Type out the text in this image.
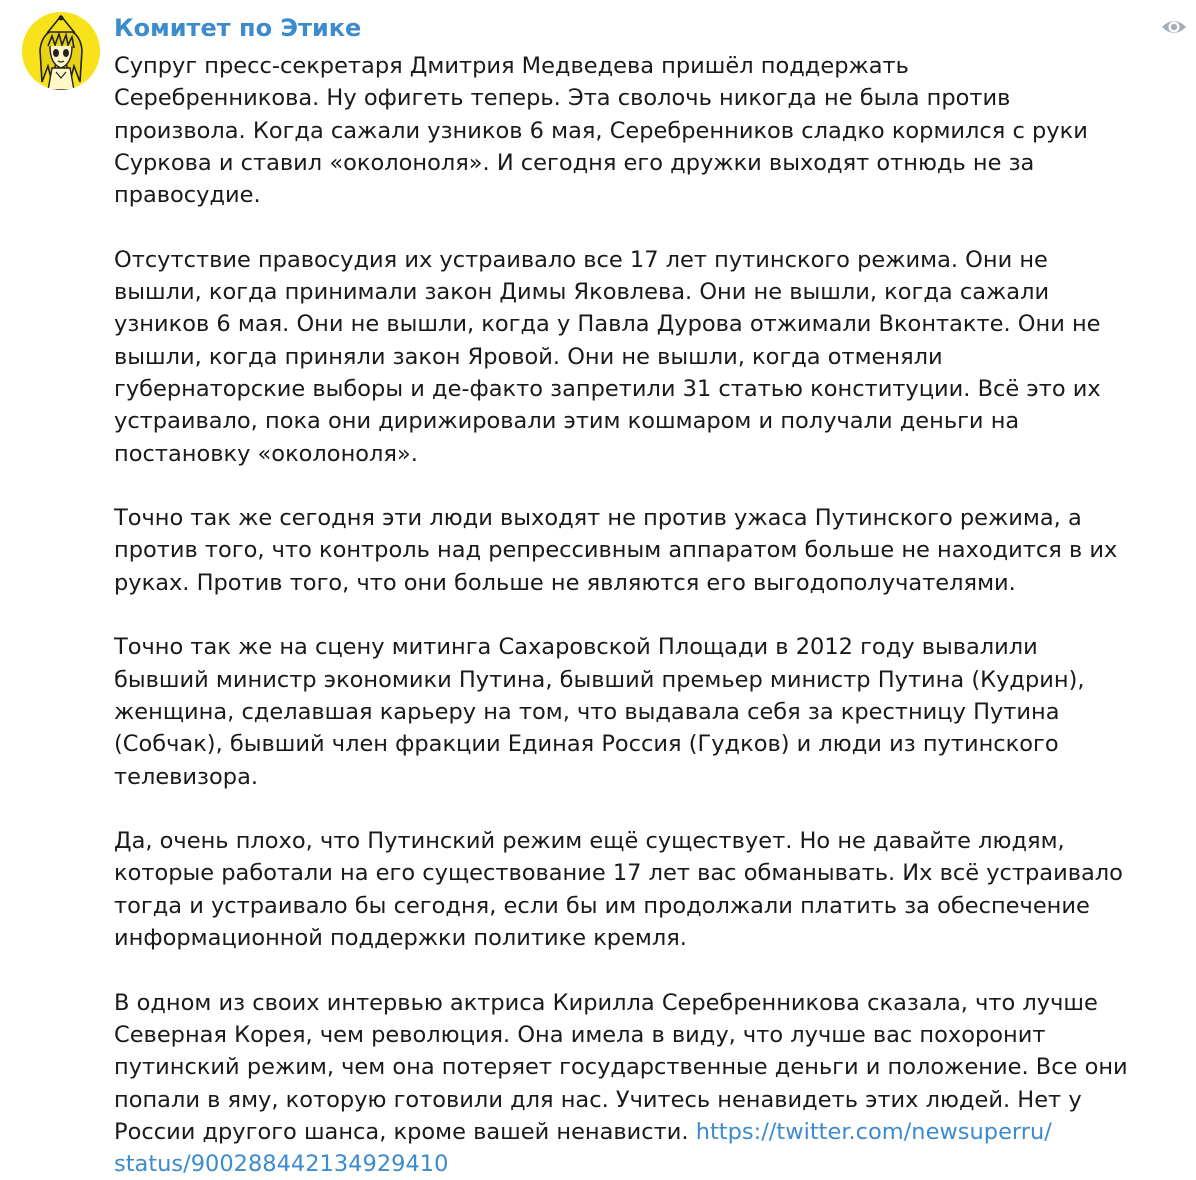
Комитет по Этике
Супруг пресс-секретаря Дмитрия Медведева пришёл поддержать
Серебренникова. Ну офигеть теперь. Эта сволочь никогда не была против
произвола. Когда сажали узников 6 мая, Серебренников сладко кормился с руки
Суркова и ставил «околоноля». И сегодня его дружки выходят отнюдь не за
правосудие.
Отсутствие правосудия их устраивало все 17 лет путинского режима. Они не
вышли, когда принимали закон Димы Яковлева. Они не вышли, когда сажали
узников 6 мая. Они не вышли, когда у Павла Дурова отжимали Вконтакте. Они не
вышли, когда приняли закон Яровой. Они не вышли, когда отменяли
губернаторские выборы и де-факто запретили 31 статью конституции. Всё это их
устраивало, пока они дирижировали этим кошмаром и получали деньги на
постановку «околоноля».
Точно так же сегодня эти люди выходят не против ужаса Путинского режима, а
против того, что контроль над репрессивным аппаратом больше не находится в их
руках. Против того, что они больше не являются его выгодополучателями.
Точно так же на сцену митинга Сахаровской Площади в 2012 году вывалили
бывший министр экономики Путина, бывший премьер министр Путина (Кудрин),
женщина, сделавшая карьеру на том, что выдавала себя за крестницу Путина
(Собчак), бывший член фракции Единая Россия (Гудков) и люди из путинского
телевизора.
Да, очень плохо, что Путинский режим ещё существует. Но не давайте людям,
которые работали на его существование 17 лет вас обманывать. Их всё устраивало
тогда и устраивало бы сегодня, если бы им продолжали платить за обеспечение
информационной поддержки политике кремля.
В одном из своих интервью актриса Кирилла Серебренникова сказала, что лучше
Северная Корея, чем революция. Она имела в виду, что лучше вас похоронит
путинский режим, чем она потеряет государственные деньги и положение. Все они
попали в яму, которую готовили для нас. Учитесь ненавидеть этих людей. Нет у
России другого шанса, кроме вашей ненависти. https://twitter.com/newsuperru/
status/900288442134929410
